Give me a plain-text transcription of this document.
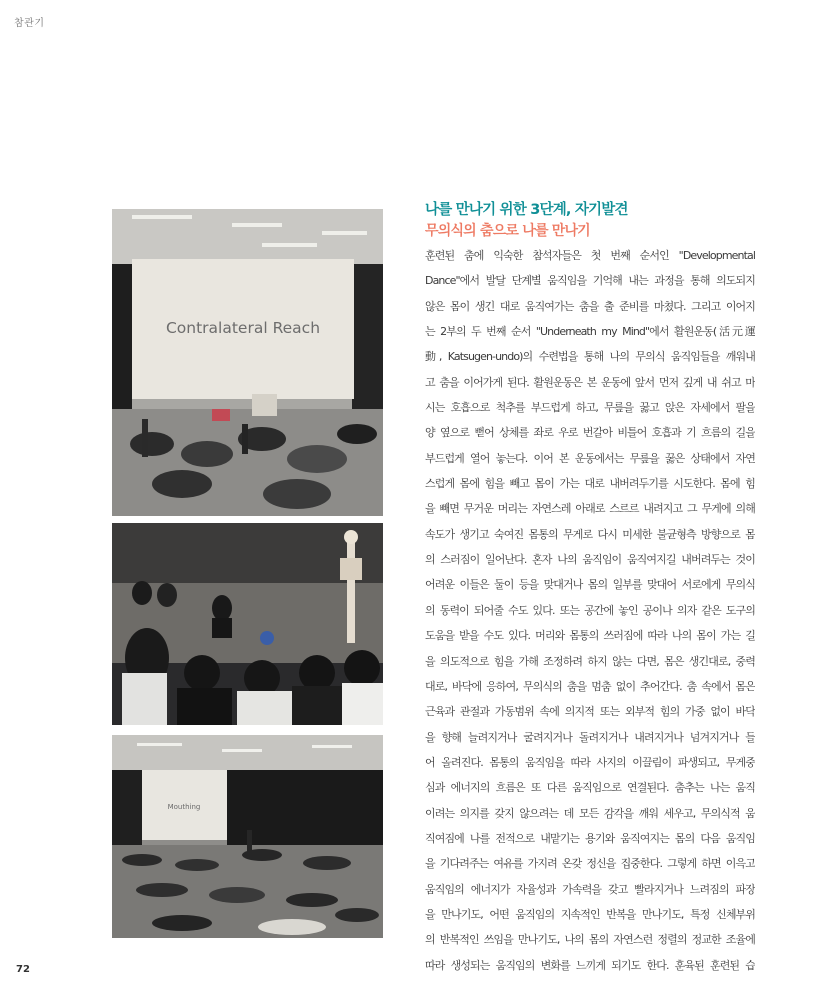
참관기
Contralateral Reach
Mouthing
나를 만나기 위한 3단계, 자기발견
무의식의 춤으로 나를 만나기
훈련된 춤에 익숙한 참석자들은 첫 번째 순서인 "Developmental
Dance"에서 발달 단계별 움직임을 기억해 내는 과정을 통해 의도되지
않은 몸이 생긴 대로 움직여가는 춤을 출 준비를 마쳤다. 그리고 이어지
는 2부의 두 번째 순서 "Underneath my Mind"에서 활원운동(活元運
動, Katsugen-undo)의 수련법을 통해 나의 무의식 움직임들을 깨워내
고 춤을 이어가게 된다. 활원운동은 본 운동에 앞서 먼저 깊게 내 쉬고 마
시는 호흡으로 척추를 부드럽게 하고, 무릎을 꿇고 앉은 자세에서 팔을
양 옆으로 뻗어 상체를 좌로 우로 번갈아 비틀어 호흡과 기 흐름의 길을
부드럽게 열어 놓는다. 이어 본 운동에서는 무릎을 꿇은 상태에서 자연
스럽게 몸에 힘을 빼고 몸이 가는 대로 내버려두기를 시도한다. 몸에 힘
을 빼면 무거운 머리는 자연스레 아래로 스르르 내려지고 그 무게에 의해
속도가 생기고 숙여진 몸통의 무게로 다시 미세한 불균형측 방향으로 몸
의 스러짐이 일어난다. 혼자 나의 움직임이 움직여지길 내버려두는 것이
어려운 이들은 둘이 등을 맞대거나 몸의 일부를 맞대어 서로에게 무의식
의 동력이 되어줄 수도 있다. 또는 공간에 놓인 공이나 의자 같은 도구의
도움을 받을 수도 있다. 머리와 몸통의 쓰러짐에 따라 나의 몸이 가는 길
을 의도적으로 힘을 가해 조정하려 하지 않는 다면, 몸은 생긴대로, 중력
대로, 바닥에 응하여, 무의식의 춤을 멈춤 없이 추어간다. 춤 속에서 몸은
근육과 관절과 가동범위 속에 의지적 또는 외부적 힘의 가중 없이 바닥
을 향해 늘려지거나 굴려지거나 돌려지거나 내려지거나 넘겨지거나 들
어 올려진다. 몸통의 움직임을 따라 사지의 이끌림이 파생되고, 무게중
심과 에너지의 흐름은 또 다른 움직임으로 연결된다. 춤추는 나는 움직
이려는 의지를 갖지 않으려는 데 모든 감각을 깨워 세우고, 무의식적 움
직여짐에 나를 전적으로 내맡기는 용기와 움직여지는 몸의 다음 움직임
을 기다려주는 여유를 가지려 온갖 정신을 집중한다. 그렇게 하면 이윽고
움직임의 에너지가 자율성과 가속력을 갖고 빨라지거나 느려짐의 파장
을 만나기도, 어떤 움직임의 지속적인 반복을 만나기도, 특정 신체부위
의 반복적인 쓰임을 만나기도, 나의 몸의 자연스런 정렬의 정교한 조율에
따라 생성되는 움직임의 변화를 느끼게 되기도 한다. 훈육된 훈련된 습
72
